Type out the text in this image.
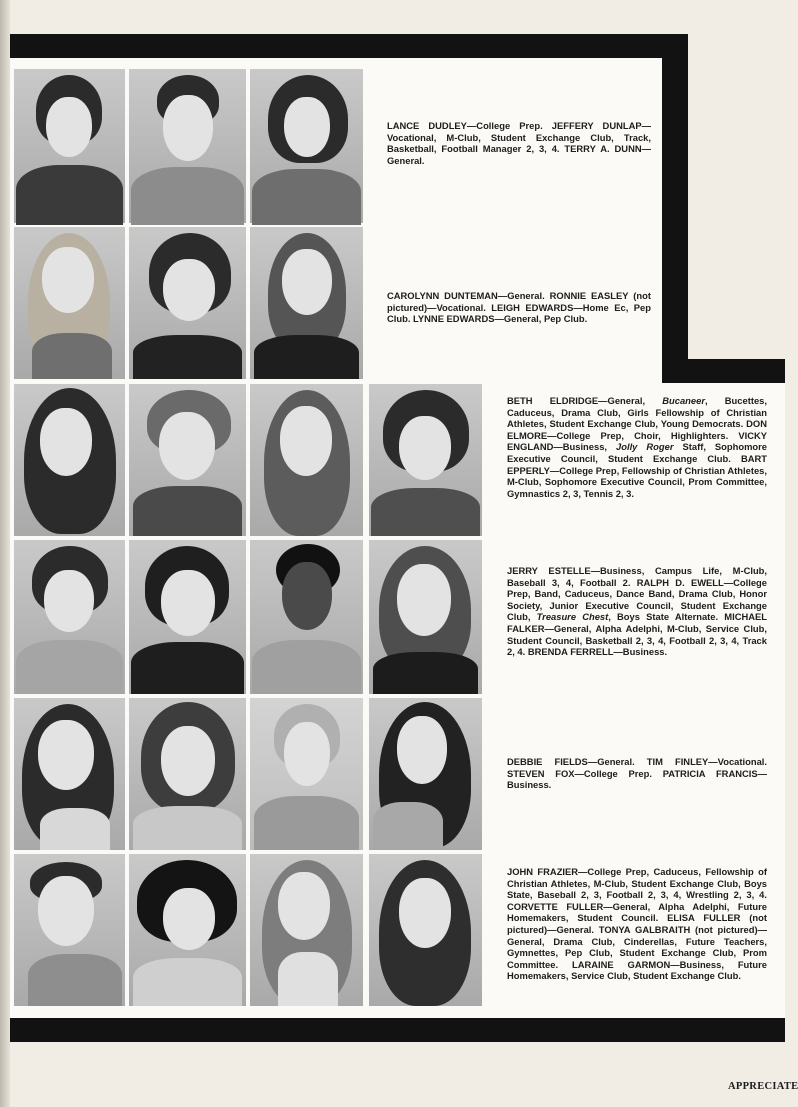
LANCE DUDLEY—College Prep. JEFFERY DUNLAP—Vocational, M-Club, Student Exchange Club, Track, Basketball, Football Manager 2, 3, 4. TERRY A. DUNN—General.

CAROLYNN DUNTEMAN—General. RONNIE EASLEY (not pictured)—Vocational. LEIGH EDWARDS—Home Ec, Pep Club. LYNNE EDWARDS—General, Pep Club.

BETH ELDRIDGE—General, Bucaneer, Bucettes, Caduceus, Drama Club, Girls Fellowship of Christian Athletes, Student Exchange Club, Young Democrats. DON ELMORE—College Prep, Choir, Highlighters. VICKY ENGLAND—Business, Jolly Roger Staff, Sophomore Executive Council, Student Exchange Club. BART EPPERLY—College Prep, Fellowship of Christian Athletes, M-Club, Sophomore Executive Council, Prom Committee, Gymnastics 2, 3, Tennis 2, 3.

JERRY ESTELLE—Business, Campus Life, M-Club, Baseball 3, 4, Football 2. RALPH D. EWELL—College Prep, Band, Caduceus, Dance Band, Drama Club, Honor Society, Junior Executive Council, Student Exchange Club, Treasure Chest, Boys State Alternate. MICHAEL FALKER—General, Alpha Adelphi, M-Club, Service Club, Student Council, Basketball 2, 3, 4, Football 2, 3, 4, Track 2, 4. BRENDA FERRELL—Business.

DEBBIE FIELDS—General. TIM FINLEY—Vocational. STEVEN FOX—College Prep. PATRICIA FRANCIS—Business.

JOHN FRAZIER—College Prep, Caduceus, Fellowship of Christian Athletes, M-Club, Student Exchange Club, Boys State, Baseball 2, 3, Football 2, 3, 4, Wrestling 2, 3, 4. CORVETTE FULLER—General, Alpha Adelphi, Future Homemakers, Student Council. ELISA FULLER (not pictured)—General. TONYA GALBRAITH (not pictured)—General, Drama Club, Cinderellas, Future Teachers, Gymnettes, Pep Club, Student Exchange Club, Prom Committee. LARAINE GARMON—Business, Future Homemakers, Service Club, Student Exchange Club.

APPRECIATE
